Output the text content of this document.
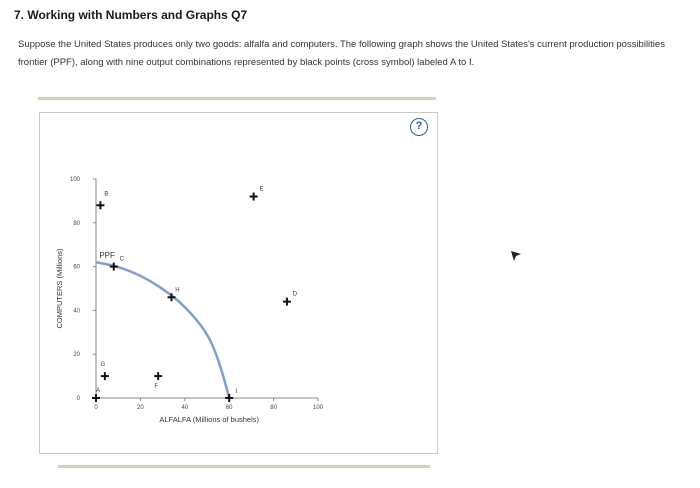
7. Working with Numbers and Graphs Q7
Suppose the United States produces only two goods: alfalfa and computers. The following graph shows the United States's current production possibilities frontier (PPF), along with nine output combinations represented by black points (cross symbol) labeled A to I.
0	20	40	60	80	100
100
80
60
40
20
0
A
B
C
D
E
F
G
H
I
PPF
ALFALFA (Millions of bushels)
COMPUTERS (Millions)
?
